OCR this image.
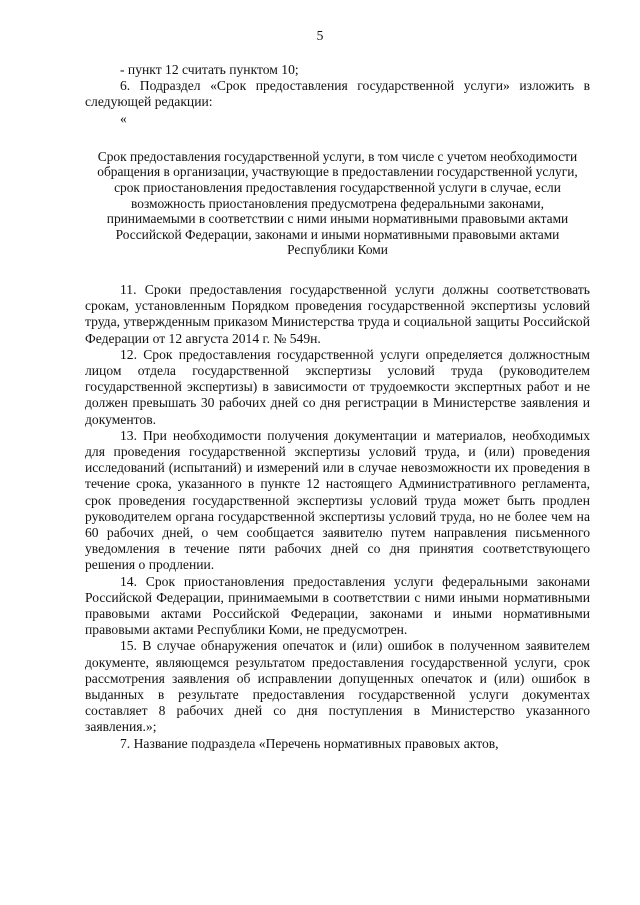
5

- пункт 12 считать пунктом 10;

6. Подраздел «Срок предоставления государственной услуги» изложить в следующей редакции:

«

Срок предоставления государственной услуги, в том числе с учетом необходимости обращения в организации, участвующие в предоставлении государственной услуги, срок приостановления предоставления государственной услуги в случае, если возможность приостановления предусмотрена федеральными законами, принимаемыми в соответствии с ними иными нормативными правовыми актами Российской Федерации, законами и иными нормативными правовыми актами Республики Коми

11. Сроки предоставления государственной услуги должны соответствовать срокам, установленным Порядком проведения государственной экспертизы условий труда, утвержденным приказом Министерства труда и социальной защиты Российской Федерации от 12 августа 2014 г. № 549н.

12. Срок предоставления государственной услуги определяется должностным лицом отдела государственной экспертизы условий труда (руководителем государственной экспертизы) в зависимости от трудоемкости экспертных работ и не должен превышать 30 рабочих дней со дня регистрации в Министерстве заявления и документов.

13. При необходимости получения документации и материалов, необходимых для проведения государственной экспертизы условий труда, и (или) проведения исследований (испытаний) и измерений или в случае невозможности их проведения в течение срока, указанного в пункте 12 настоящего Административного регламента, срок проведения государственной экспертизы условий труда может быть продлен руководителем органа государственной экспертизы условий труда, но не более чем на 60 рабочих дней, о чем сообщается заявителю путем направления письменного уведомления в течение пяти рабочих дней со дня принятия соответствующего решения о продлении.

14. Срок приостановления предоставления услуги федеральными законами Российской Федерации, принимаемыми в соответствии с ними иными нормативными правовыми актами Российской Федерации, законами и иными нормативными правовыми актами Республики Коми, не предусмотрен.

15. В случае обнаружения опечаток и (или) ошибок в полученном заявителем документе, являющемся результатом предоставления государственной услуги, срок рассмотрения заявления об исправлении допущенных опечаток и (или) ошибок в выданных в результате предоставления государственной услуги документах составляет 8 рабочих дней со дня поступления в Министерство указанного заявления.»;

7. Название подраздела «Перечень нормативных правовых актов,
